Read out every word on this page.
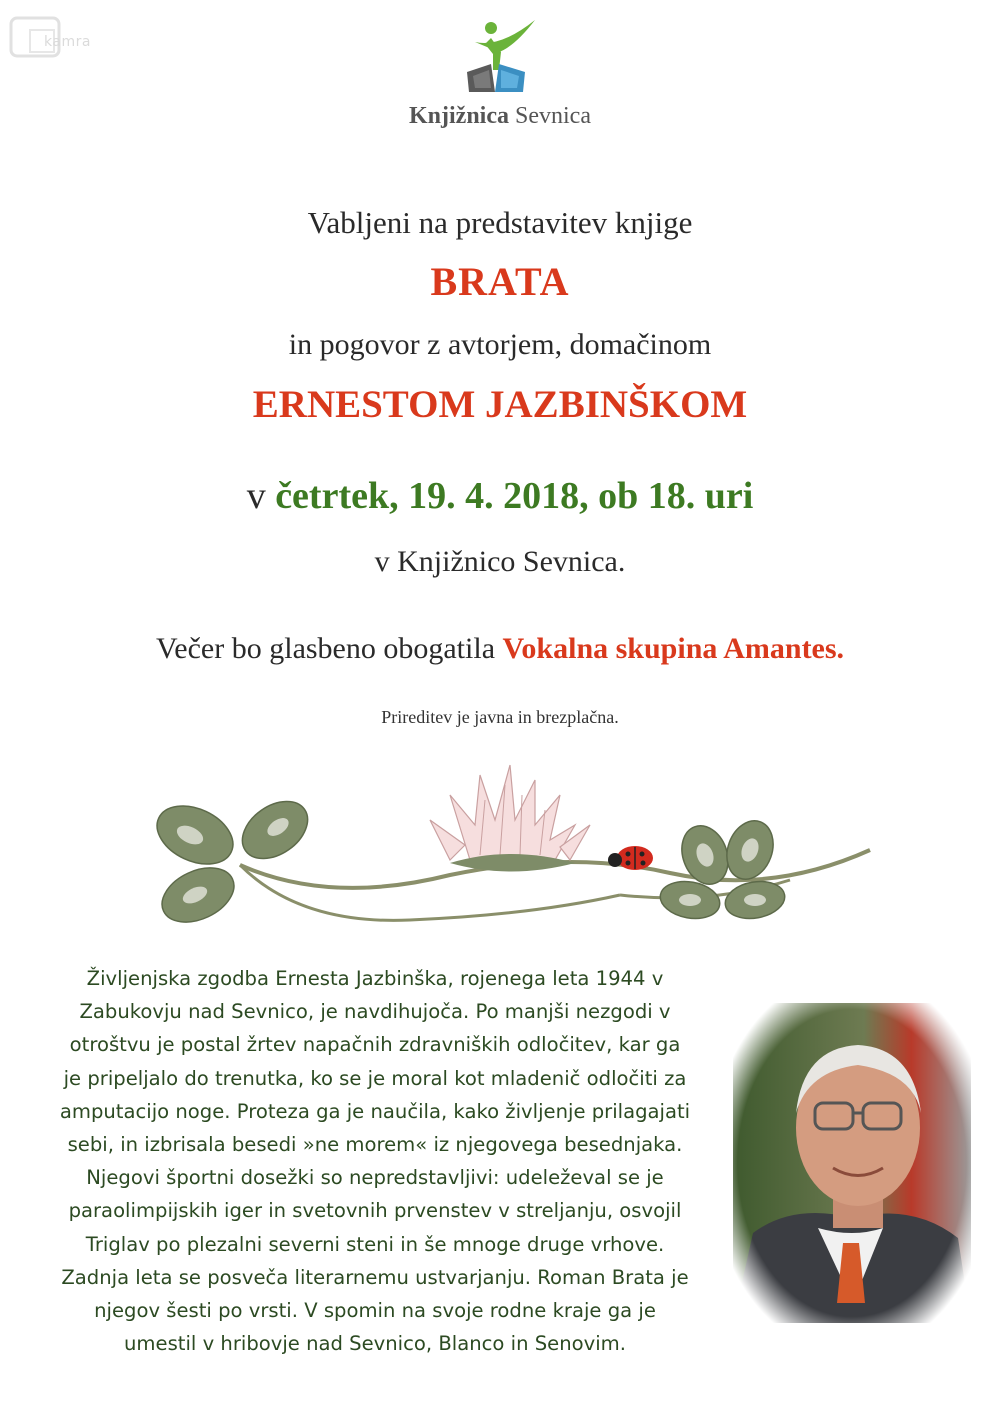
kamra
Knjižnica Sevnica
Vabljeni na predstavitev knjige
BRATA
in pogovor z avtorjem, domačinom
ERNESTOM JAZBINŠKOM
v četrtek, 19. 4. 2018, ob 18. uri
v Knjižnico Sevnica.
Večer bo glasbeno obogatila Vokalna skupina Amantes.
Prireditev je javna in brezplačna.
Življenjska zgodba Ernesta Jazbinška, rojenega leta 1944 v
Zabukovju nad Sevnico, je navdihujoča. Po manjši nezgodi v
otroštvu je postal žrtev napačnih zdravniških odločitev, kar ga
je pripeljalo do trenutka, ko se je moral kot mladenič odločiti za
amputacijo noge. Proteza ga je naučila, kako življenje prilagajati
sebi, in izbrisala besedi »ne morem« iz njegovega besednjaka.
Njegovi športni dosežki so nepredstavljivi: udeleževal se je
paraolimpijskih iger in svetovnih prvenstev v streljanju, osvojil
Triglav po plezalni severni steni in še mnoge druge vrhove.
Zadnja leta se posveča literarnemu ustvarjanju. Roman Brata je
njegov šesti po vrsti. V spomin na svoje rodne kraje ga je
umestil v hribovje nad Sevnico, Blanco in Senovim.
